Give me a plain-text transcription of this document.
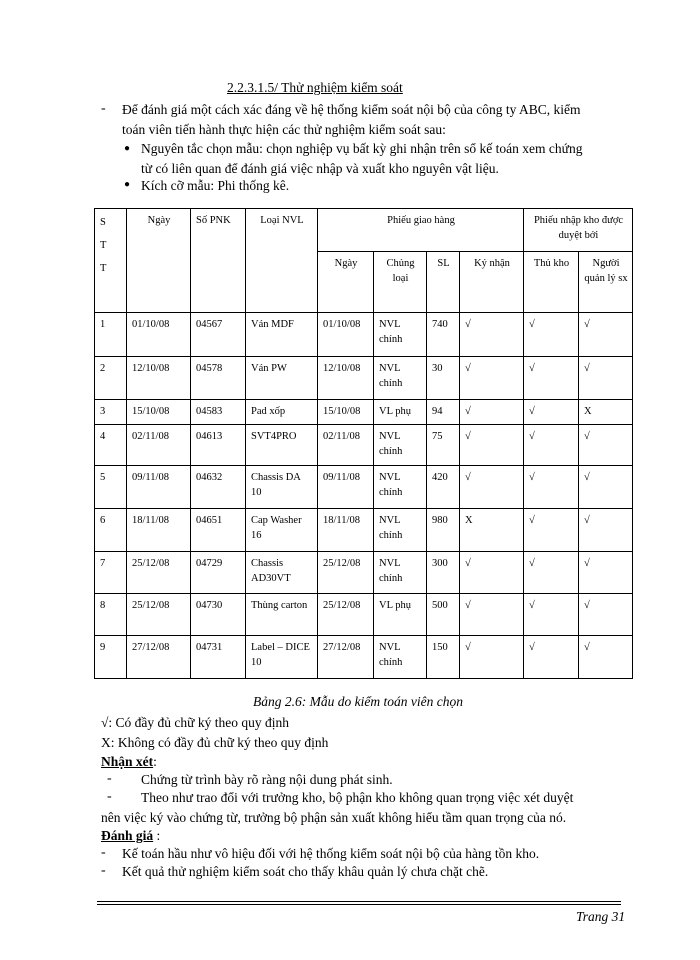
2.2.3.1.5/ Thử nghiệm kiểm soát
- Để đánh giá một cách xác đáng về hệ thống kiểm soát nội bộ của công ty ABC, kiểm
toán viên tiến hành thực hiện các thử nghiệm kiểm soát sau:
● Nguyên tắc chọn mẫu: chọn nghiệp vụ bất kỳ ghi nhận trên sổ kế toán xem chứng
từ có liên quan để đánh giá việc nhập và xuất kho nguyên vật liệu.
● Kích cỡ mẫu: Phi thống kê.
S
T
T	Ngày	Số PNK	Loại NVL	Phiếu giao hàng				Phiếu nhập kho được duyệt bởi	
				Ngày	Chủng loại	SL	Ký nhận	Thủ kho	Người quản lý sx
1	01/10/08	04567	Ván MDF	01/10/08	NVL chính	740	√	√	√
2	12/10/08	04578	Ván PW	12/10/08	NVL chính	30	√	√	√
3	15/10/08	04583	Pad xốp	15/10/08	VL phụ	94	√	√	X
4	02/11/08	04613	SVT4PRO	02/11/08	NVL chính	75	√	√	√
5	09/11/08	04632	Chassis DA 10	09/11/08	NVL chính	420	√	√	√
6	18/11/08	04651	Cap Washer 16	18/11/08	NVL chính	980	X	√	√
7	25/12/08	04729	Chassis AD30VT	25/12/08	NVL chính	300	√	√	√
8	25/12/08	04730	Thùng carton	25/12/08	VL phụ	500	√	√	√
9	27/12/08	04731	Label – DICE 10	27/12/08	NVL chính	150	√	√	√
Bảng 2.6: Mẫu do kiểm toán viên chọn
√: Có đầy đủ chữ ký theo quy định
X: Không có đầy đủ chữ ký theo quy định
Nhận xét:
- Chứng từ trình bày rõ ràng nội dung phát sinh.
- Theo như trao đổi với trưởng kho, bộ phận kho không quan trọng việc xét duyệt
nên việc ký vào chứng từ, trưởng bộ phận sản xuất không hiểu tầm quan trọng của nó.
Đánh giá :
- Kế toán hầu như vô hiệu đối với hệ thống kiểm soát nội bộ của hàng tồn kho.
- Kết quả thử nghiệm kiểm soát cho thấy khâu quản lý chưa chặt chẽ.
Trang 31
